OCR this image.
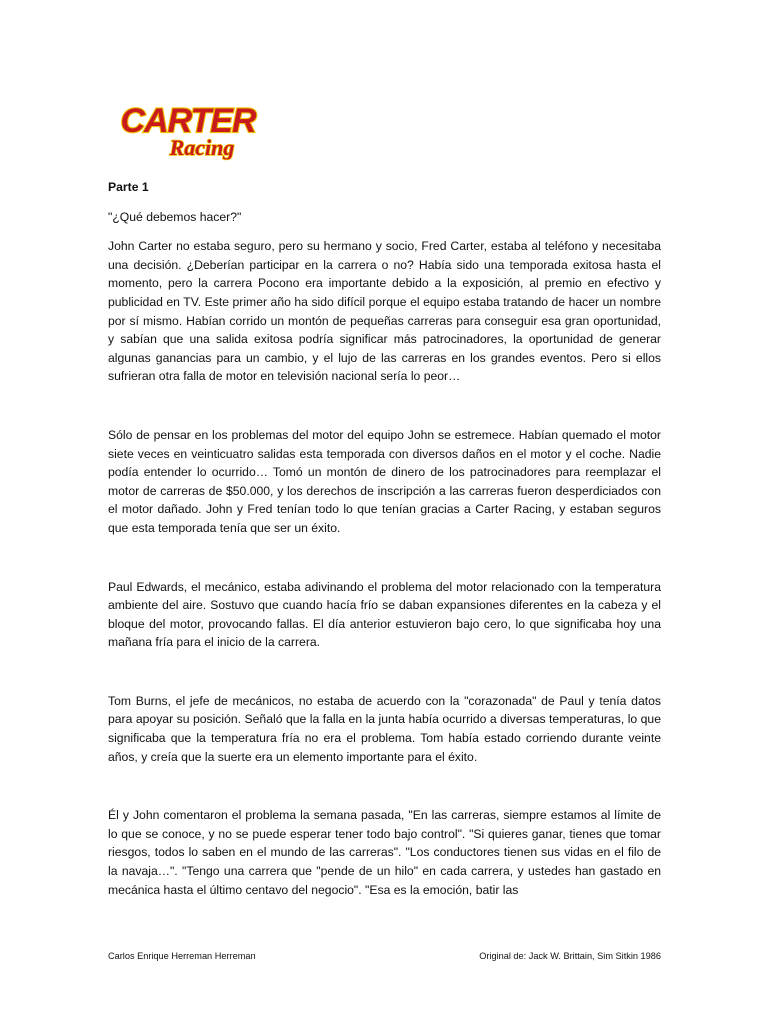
CARTER
Racing

Parte 1

"¿Qué debemos hacer?"

John Carter no estaba seguro, pero su hermano y socio, Fred Carter, estaba al teléfono y necesitaba una decisión. ¿Deberían participar en la carrera o no? Había sido una temporada exitosa hasta el momento, pero la carrera Pocono era importante debido a la exposición, al premio en efectivo y publicidad en TV. Este primer año ha sido difícil porque el equipo estaba tratando de hacer un nombre por sí mismo. Habían corrido un montón de pequeñas carreras para conseguir esa gran oportunidad, y sabían que una salida exitosa podría significar más patrocinadores, la oportunidad de generar algunas ganancias para un cambio, y el lujo de las carreras en los grandes eventos. Pero si ellos sufrieran otra falla de motor en televisión nacional sería lo peor…

Sólo de pensar en los problemas del motor del equipo John se estremece. Habían quemado el motor siete veces en veinticuatro salidas esta temporada con diversos daños en el motor y el coche. Nadie podía entender lo ocurrido… Tomó un montón de dinero de los patrocinadores para reemplazar el motor de carreras de $50.000, y los derechos de inscripción a las carreras fueron desperdiciados con el motor dañado. John y Fred tenían todo lo que tenían gracias a Carter Racing, y estaban seguros que esta temporada tenía que ser un éxito.

Paul Edwards, el mecánico, estaba adivinando el problema del motor relacionado con la temperatura ambiente del aire. Sostuvo que cuando hacía frío se daban expansiones diferentes en la cabeza y el bloque del motor, provocando fallas. El día anterior estuvieron bajo cero, lo que significaba hoy una mañana fría para el inicio de la carrera.

Tom Burns, el jefe de mecánicos, no estaba de acuerdo con la "corazonada" de Paul y tenía datos para apoyar su posición. Señaló que la falla en la junta había ocurrido a diversas temperaturas, lo que significaba que la temperatura fría no era el problema. Tom había estado corriendo durante veinte años, y creía que la suerte era un elemento importante para el éxito.

Él y John comentaron el problema la semana pasada, "En las carreras, siempre estamos al límite de lo que se conoce, y no se puede esperar tener todo bajo control". "Si quieres ganar, tienes que tomar riesgos, todos lo saben en el mundo de las carreras". "Los conductores tienen sus vidas en el filo de la navaja…". "Tengo una carrera que "pende de un hilo" en cada carrera, y ustedes han gastado en mecánica hasta el último centavo del negocio". "Esa es la emoción, batir las

Carlos Enrique Herreman Herreman	Original de: Jack W. Brittain, Sim Sitkin 1986
